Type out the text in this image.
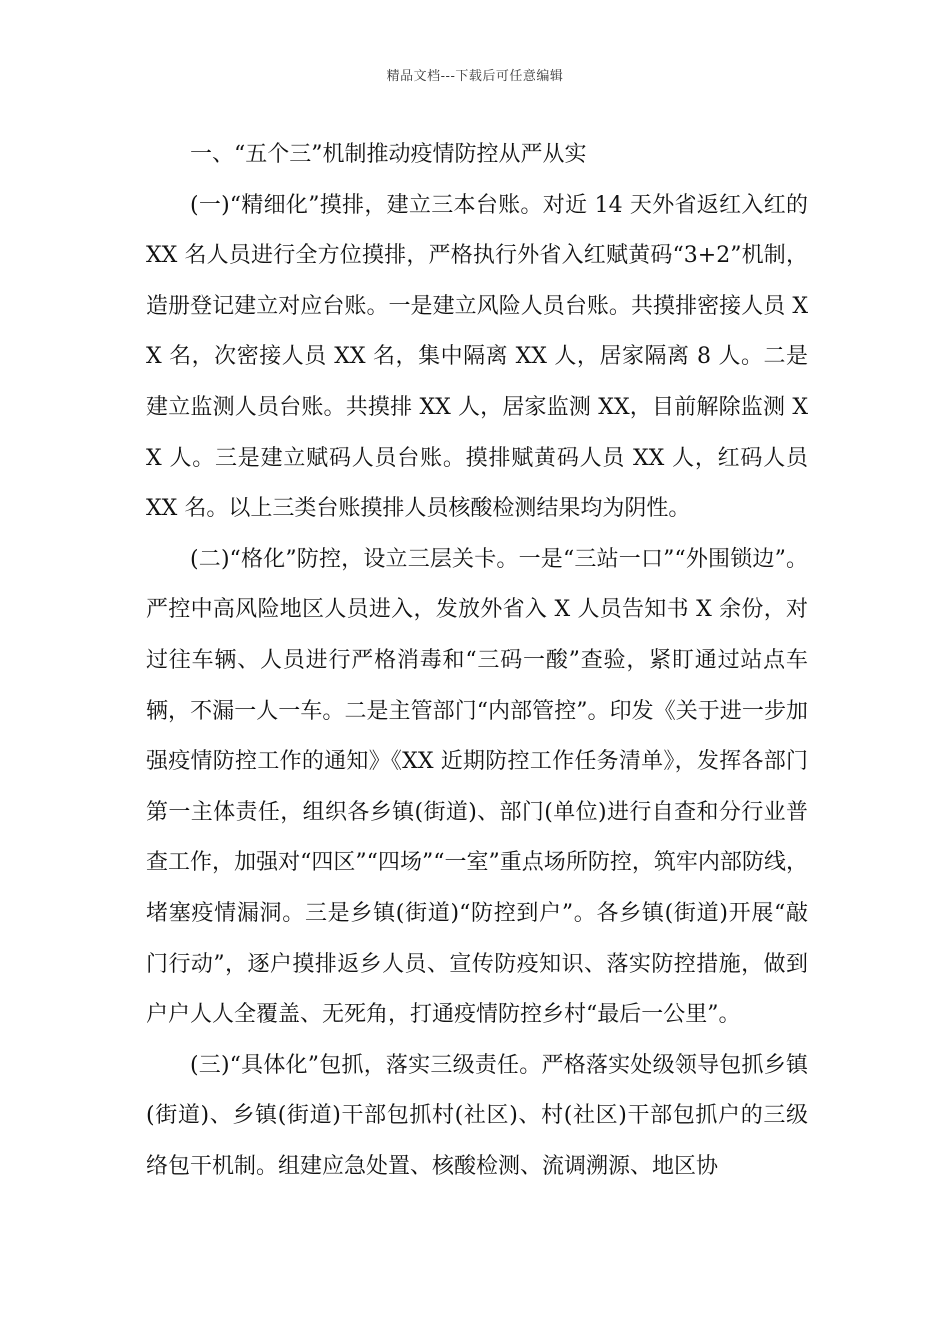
精品文档---下载后可任意编辑

一、“五个三”机制推动疫情防控从严从实

(一)“精细化”摸排，建立三本台账。对近 14 天外省返红入红的 XX 名人员进行全方位摸排，严格执行外省入红赋黄码“3+2”机制，造册登记建立对应台账。一是建立风险人员台账。共摸排密接人员 XX 名，次密接人员 XX 名，集中隔离 XX 人，居家隔离 8 人。二是建立监测人员台账。共摸排 XX 人，居家监测 XX，目前解除监测 XX 人。三是建立赋码人员台账。摸排赋黄码人员 XX 人，红码人员 XX 名。以上三类台账摸排人员核酸检测结果均为阴性。

(二)“格化”防控，设立三层关卡。一是“三站一口”“外围锁边”。严控中高风险地区人员进入，发放外省入 X 人员告知书 X 余份，对过往车辆、人员进行严格消毒和“三码一酸”查验，紧盯通过站点车辆，不漏一人一车。二是主管部门“内部管控”。印发《关于进一步加强疫情防控工作的通知》《XX 近期防控工作任务清单》，发挥各部门第一主体责任，组织各乡镇(街道)、部门(单位)进行自查和分行业普查工作，加强对“四区”“四场”“一室”重点场所防控，筑牢内部防线，堵塞疫情漏洞。三是乡镇(街道)“防控到户”。各乡镇(街道)开展“敲门行动”，逐户摸排返乡人员、宣传防疫知识、落实防控措施，做到户户人人全覆盖、无死角，打通疫情防控乡村“最后一公里”。

(三)“具体化”包抓，落实三级责任。严格落实处级领导包抓乡镇(街道)、乡镇(街道)干部包抓村(社区)、村(社区)干部包抓户的三级络包干机制。组建应急处置、核酸检测、流调溯源、地区协
